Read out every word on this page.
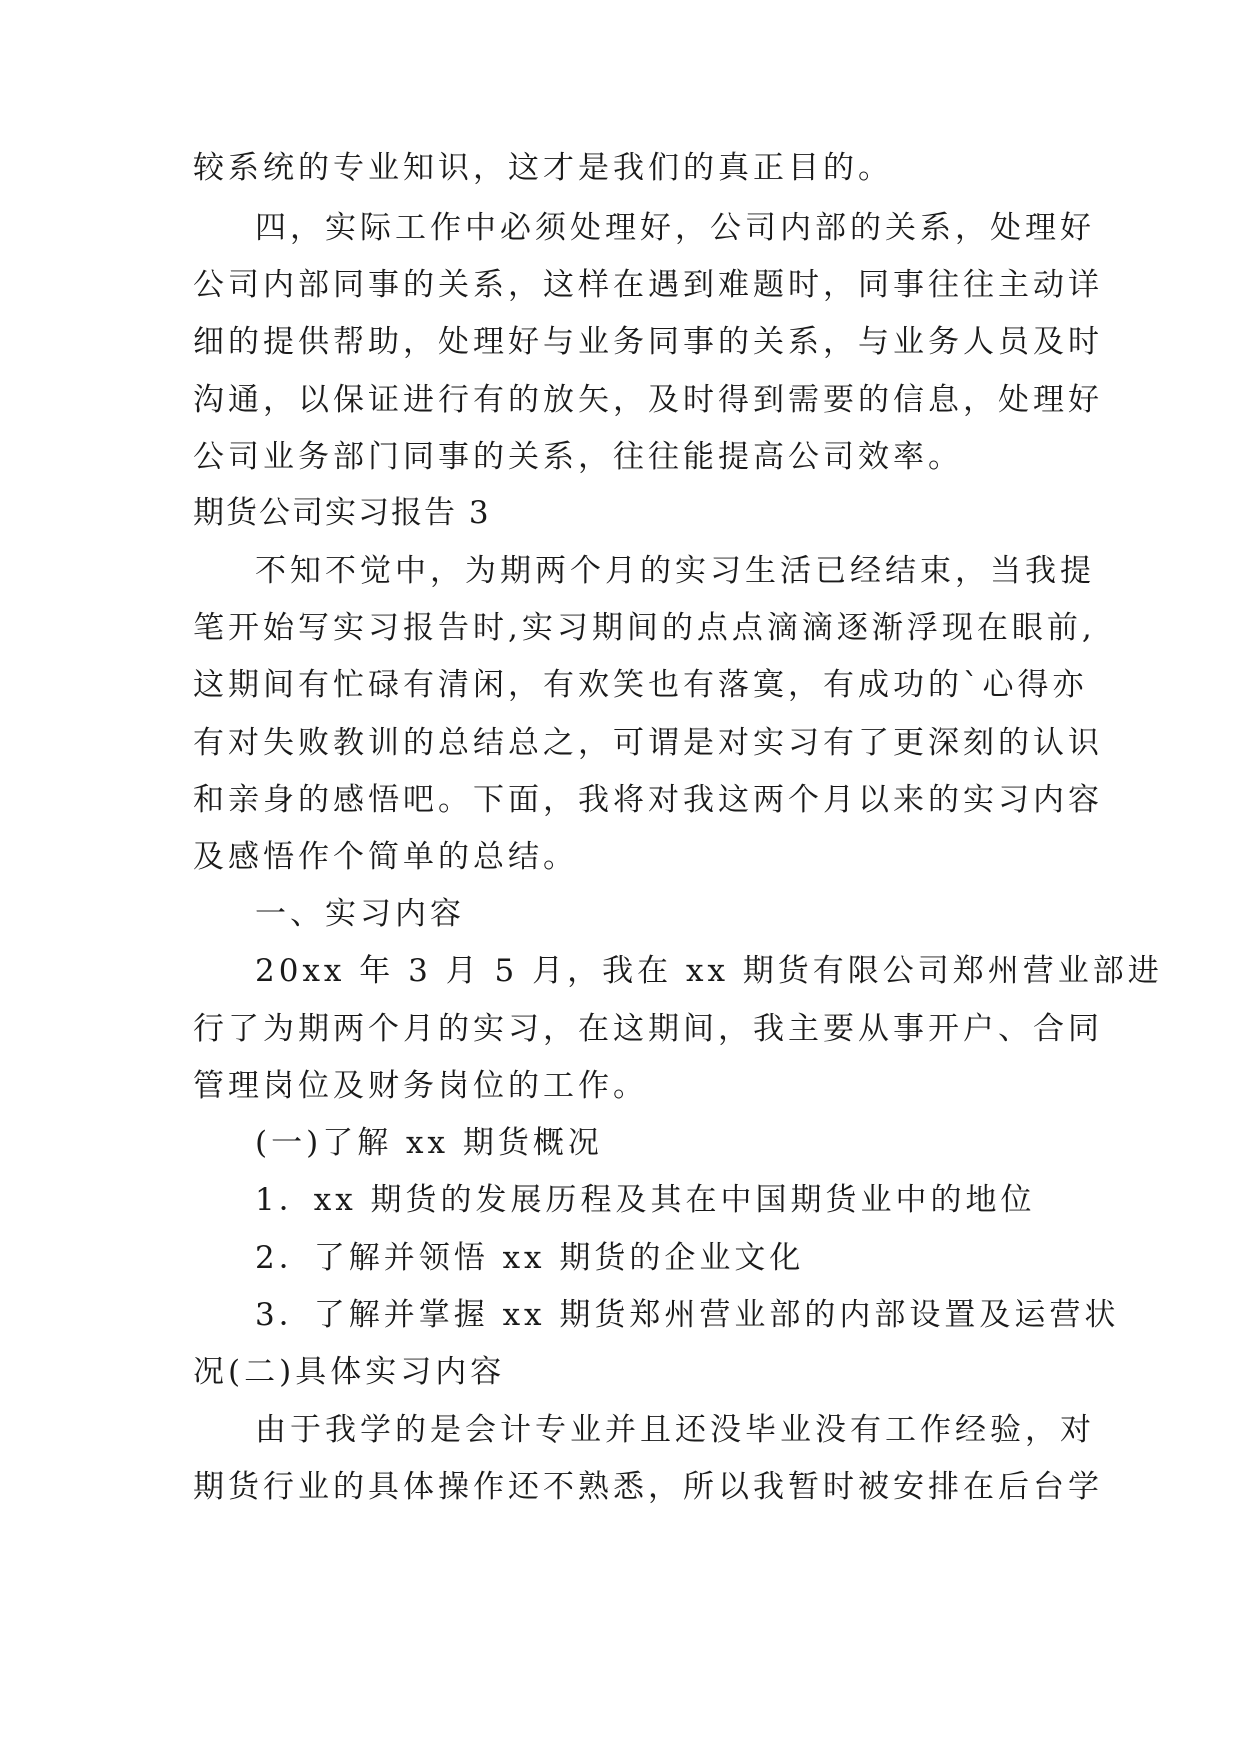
较系统的专业知识，这才是我们的真正目的。
四，实际工作中必须处理好，公司内部的关系，处理好
公司内部同事的关系，这样在遇到难题时，同事往往主动详
细的提供帮助，处理好与业务同事的关系，与业务人员及时
沟通，以保证进行有的放矢，及时得到需要的信息，处理好
公司业务部门同事的关系，往往能提高公司效率。
期货公司实习报告 3
不知不觉中，为期两个月的实习生活已经结束，当我提
笔开始写实习报告时,实习期间的点点滴滴逐渐浮现在眼前,
这期间有忙碌有清闲，有欢笑也有落寞，有成功的`心得亦
有对失败教训的总结总之，可谓是对实习有了更深刻的认识
和亲身的感悟吧。下面，我将对我这两个月以来的实习内容
及感悟作个简单的总结。
一、实习内容
20xx 年 3 月 5 月，我在 xx 期货有限公司郑州营业部进
行了为期两个月的实习，在这期间，我主要从事开户、合同
管理岗位及财务岗位的工作。
(一)了解 xx 期货概况
1．xx 期货的发展历程及其在中国期货业中的地位
2．了解并领悟 xx 期货的企业文化
3．了解并掌握 xx 期货郑州营业部的内部设置及运营状
况(二)具体实习内容
由于我学的是会计专业并且还没毕业没有工作经验，对
期货行业的具体操作还不熟悉，所以我暂时被安排在后台学
